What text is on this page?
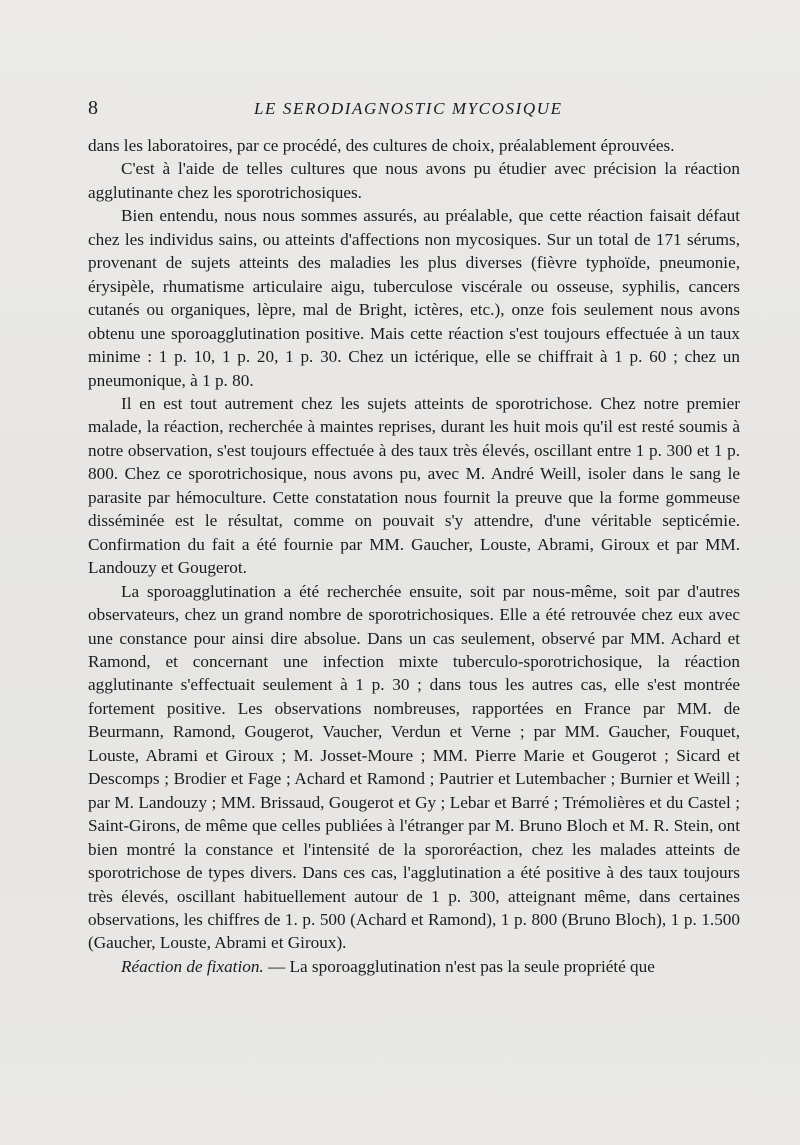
8	LE SERODIAGNOSTIC MYCOSIQUE

dans les laboratoires, par ce procédé, des cultures de choix, préalablement éprouvées.

C'est à l'aide de telles cultures que nous avons pu étudier avec précision la réaction agglutinante chez les sporotrichosiques.

Bien entendu, nous nous sommes assurés, au préalable, que cette réaction faisait défaut chez les individus sains, ou atteints d'affections non mycosiques. Sur un total de 171 sérums, provenant de sujets atteints des maladies les plus diverses (fièvre typhoïde, pneumonie, érysipèle, rhumatisme articulaire aigu, tuberculose viscérale ou osseuse, syphilis, cancers cutanés ou organiques, lèpre, mal de Bright, ictères, etc.), onze fois seulement nous avons obtenu une sporoagglutination positive. Mais cette réaction s'est toujours effectuée à un taux minime : 1 p. 10, 1 p. 20, 1 p. 30. Chez un ictérique, elle se chiffrait à 1 p. 60 ; chez un pneumonique, à 1 p. 80.

Il en est tout autrement chez les sujets atteints de sporotrichose. Chez notre premier malade, la réaction, recherchée à maintes reprises, durant les huit mois qu'il est resté soumis à notre observation, s'est toujours effectuée à des taux très élevés, oscillant entre 1 p. 300 et 1 p. 800. Chez ce sporotrichosique, nous avons pu, avec M. André Weill, isoler dans le sang le parasite par hémoculture. Cette constatation nous fournit la preuve que la forme gommeuse disséminée est le résultat, comme on pouvait s'y attendre, d'une véritable septicémie. Confirmation du fait a été fournie par MM. Gaucher, Louste, Abrami, Giroux et par MM. Landouzy et Gougerot.

La sporoagglutination a été recherchée ensuite, soit par nous-même, soit par d'autres observateurs, chez un grand nombre de sporotrichosiques. Elle a été retrouvée chez eux avec une constance pour ainsi dire absolue. Dans un cas seulement, observé par MM. Achard et Ramond, et concernant une infection mixte tuberculo-sporotrichosique, la réaction agglutinante s'effectuait seulement à 1 p. 30 ; dans tous les autres cas, elle s'est montrée fortement positive. Les observations nombreuses, rapportées en France par MM. de Beurmann, Ramond, Gougerot, Vaucher, Verdun et Verne ; par MM. Gaucher, Fouquet, Louste, Abrami et Giroux ; M. Josset-Moure ; MM. Pierre Marie et Gougerot ; Sicard et Descomps ; Brodier et Fage ; Achard et Ramond ; Pautrier et Lutembacher ; Burnier et Weill ; par M. Landouzy ; MM. Brissaud, Gougerot et Gy ; Lebar et Barré ; Trémolières et du Castel ; Saint-Girons, de même que celles publiées à l'étranger par M. Bruno Bloch et M. R. Stein, ont bien montré la constance et l'intensité de la spororéaction, chez les malades atteints de sporotrichose de types divers. Dans ces cas, l'agglutination a été positive à des taux toujours très élevés, oscillant habituellement autour de 1 p. 300, atteignant même, dans certaines observations, les chiffres de 1. p. 500 (Achard et Ramond), 1 p. 800 (Bruno Bloch), 1 p. 1.500 (Gaucher, Louste, Abrami et Giroux).

Réaction de fixation. — La sporoagglutination n'est pas la seule propriété que
